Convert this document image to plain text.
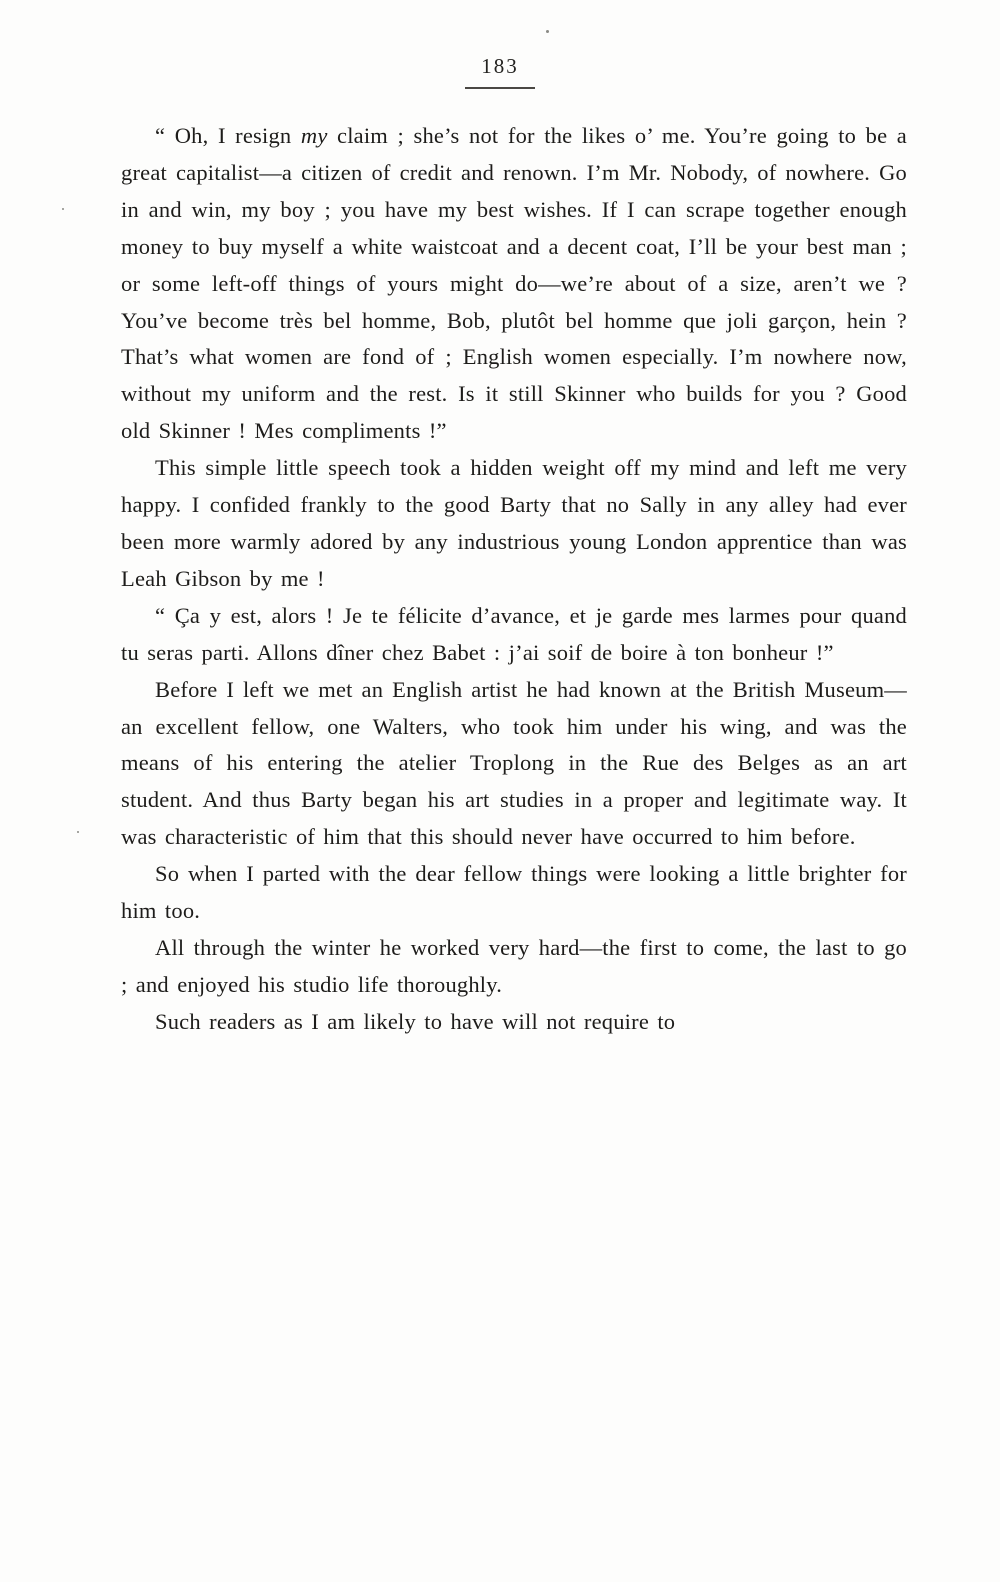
183

“ Oh, I resign my claim ; she’s not for the likes o’ me. You’re going to be a great capitalist—a citizen of credit and renown. I’m Mr. Nobody, of nowhere. Go in and win, my boy ; you have my best wishes. If I can scrape together enough money to buy myself a white waistcoat and a decent coat, I’ll be your best man ; or some left-off things of yours might do—we’re about of a size, aren’t we ? You’ve become très bel homme, Bob, plutôt bel homme que joli garçon, hein ? That’s what women are fond of ; English women especially. I’m nowhere now, without my uniform and the rest. Is it still Skinner who builds for you ? Good old Skinner ! Mes compliments !”

This simple little speech took a hidden weight off my mind and left me very happy. I confided frankly to the good Barty that no Sally in any alley had ever been more warmly adored by any industrious young London apprentice than was Leah Gibson by me !

“ Ça y est, alors ! Je te félicite d’avance, et je garde mes larmes pour quand tu seras parti. Allons dîner chez Babet : j’ai soif de boire à ton bonheur !”

Before I left we met an English artist he had known at the British Museum—an excellent fellow, one Walters, who took him under his wing, and was the means of his entering the atelier Troplong in the Rue des Belges as an art student. And thus Barty began his art studies in a proper and legitimate way. It was characteristic of him that this should never have occurred to him before.

So when I parted with the dear fellow things were looking a little brighter for him too.

All through the winter he worked very hard—the first to come, the last to go ; and enjoyed his studio life thoroughly.

Such readers as I am likely to have will not require to
